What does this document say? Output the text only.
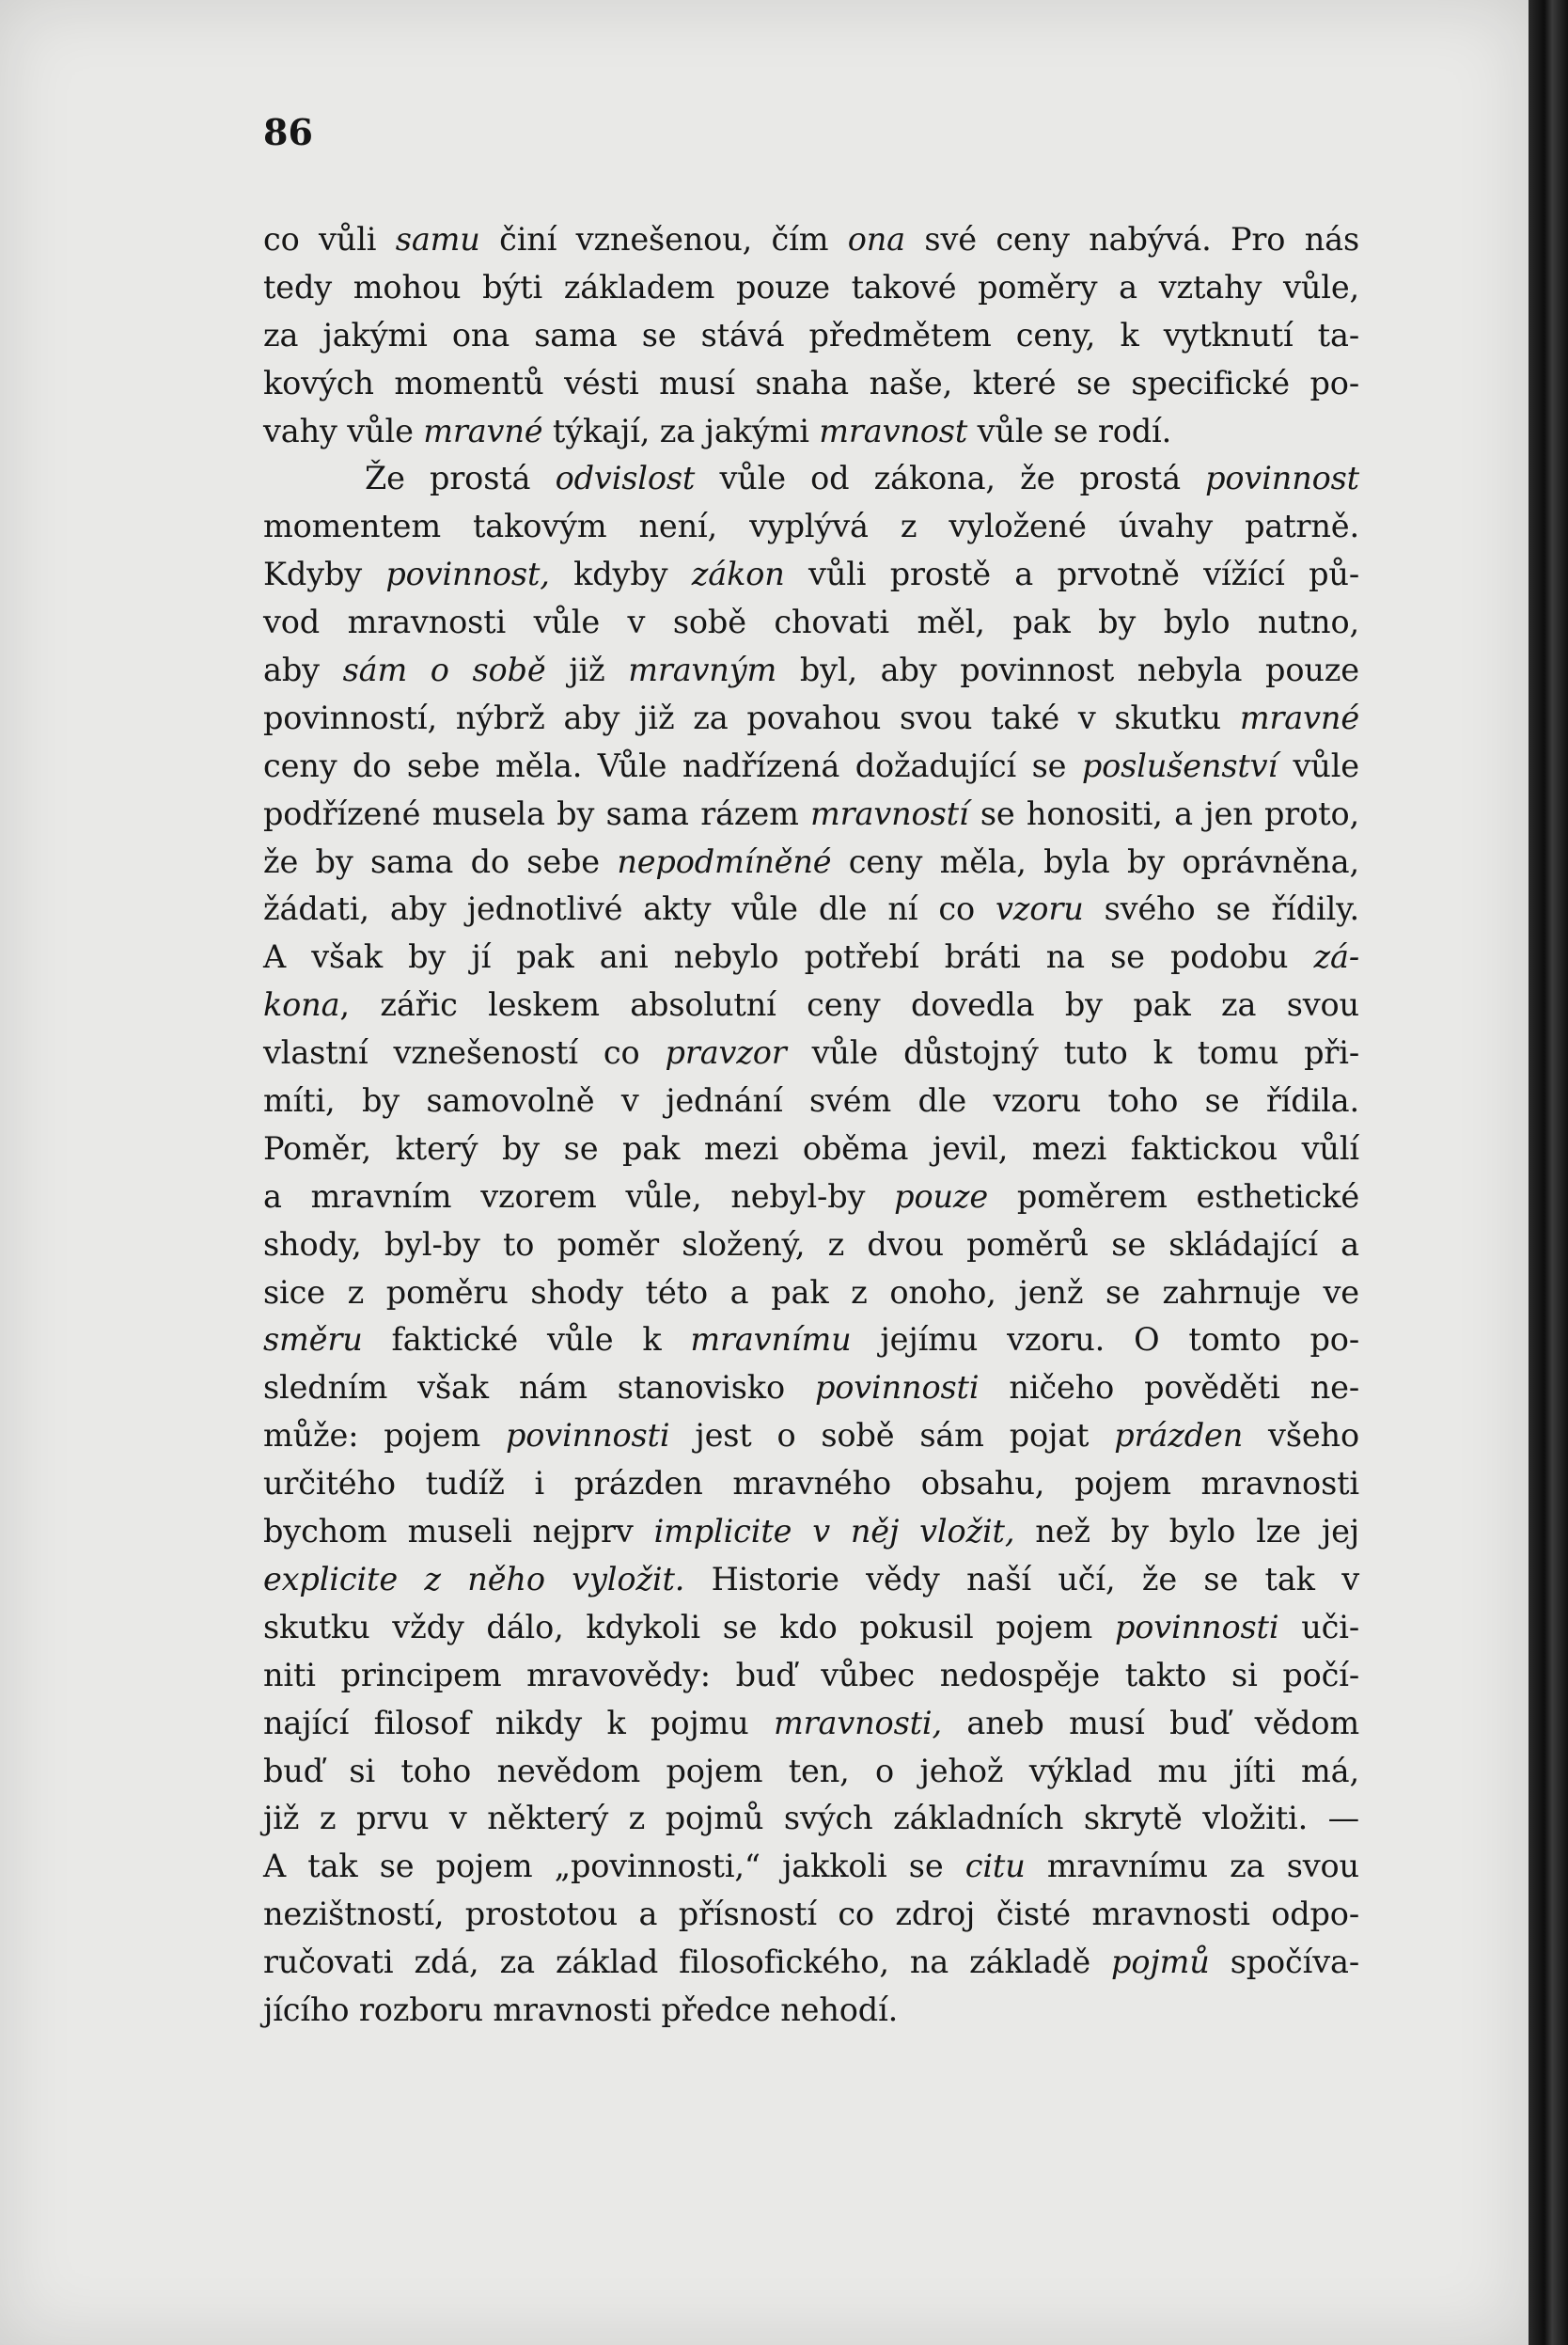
86
co vůli samu činí vznešenou, čím ona své ceny nabývá. Pro nás
tedy mohou býti základem pouze takové poměry a vztahy vůle,
za jakými ona sama se stává předmětem ceny, k vytknutí ta-
kových momentů vésti musí snaha naše, které se specifické po-
vahy vůle mravné týkají, za jakými mravnost vůle se rodí.
Že prostá odvislost vůle od zákona, že prostá povinnost
momentem takovým není, vyplývá z vyložené úvahy patrně.
Kdyby povinnost, kdyby zákon vůli prostě a prvotně vížící pů-
vod mravnosti vůle v sobě chovati měl, pak by bylo nutno,
aby sám o sobě již mravným byl, aby povinnost nebyla pouze
povinností, nýbrž aby již za povahou svou také v skutku mravné
ceny do sebe měla. Vůle nadřízená dožadující se poslušenství vůle
podřízené musela by sama rázem mravností se honositi, a jen proto,
že by sama do sebe nepodmíněné ceny měla, byla by oprávněna,
žádati, aby jednotlivé akty vůle dle ní co vzoru svého se řídily.
A však by jí pak ani nebylo potřebí bráti na se podobu zá-
kona, zářic leskem absolutní ceny dovedla by pak za svou
vlastní vznešeností co pravzor vůle důstojný tuto k tomu při-
míti, by samovolně v jednání svém dle vzoru toho se řídila.
Poměr, který by se pak mezi oběma jevil, mezi faktickou vůlí
a mravním vzorem vůle, nebyl-by pouze poměrem esthetické
shody, byl-by to poměr složený, z dvou poměrů se skládající a
sice z poměru shody této a pak z onoho, jenž se zahrnuje ve
směru faktické vůle k mravnímu jejímu vzoru. O tomto po-
sledním však nám stanovisko povinnosti ničeho pověděti ne-
může: pojem povinnosti jest o sobě sám pojat prázden všeho
určitého tudíž i prázden mravného obsahu, pojem mravnosti
bychom museli nejprv implicite v něj vložit, než by bylo lze jej
explicite z něho vyložit. Historie vědy naší učí, že se tak v
skutku vždy dálo, kdykoli se kdo pokusil pojem povinnosti uči-
niti principem mravovědy: buď vůbec nedospěje takto si počí-
nající filosof nikdy k pojmu mravnosti, aneb musí buď vědom
buď si toho nevědom pojem ten, o jehož výklad mu jíti má,
již z prvu v některý z pojmů svých základních skrytě vložiti. —
A tak se pojem „povinnosti,“ jakkoli se citu mravnímu za svou
nezištností, prostotou a přísností co zdroj čisté mravnosti odpo-
ručovati zdá, za základ filosofického, na základě pojmů spočíva-
jícího rozboru mravnosti předce nehodí.
